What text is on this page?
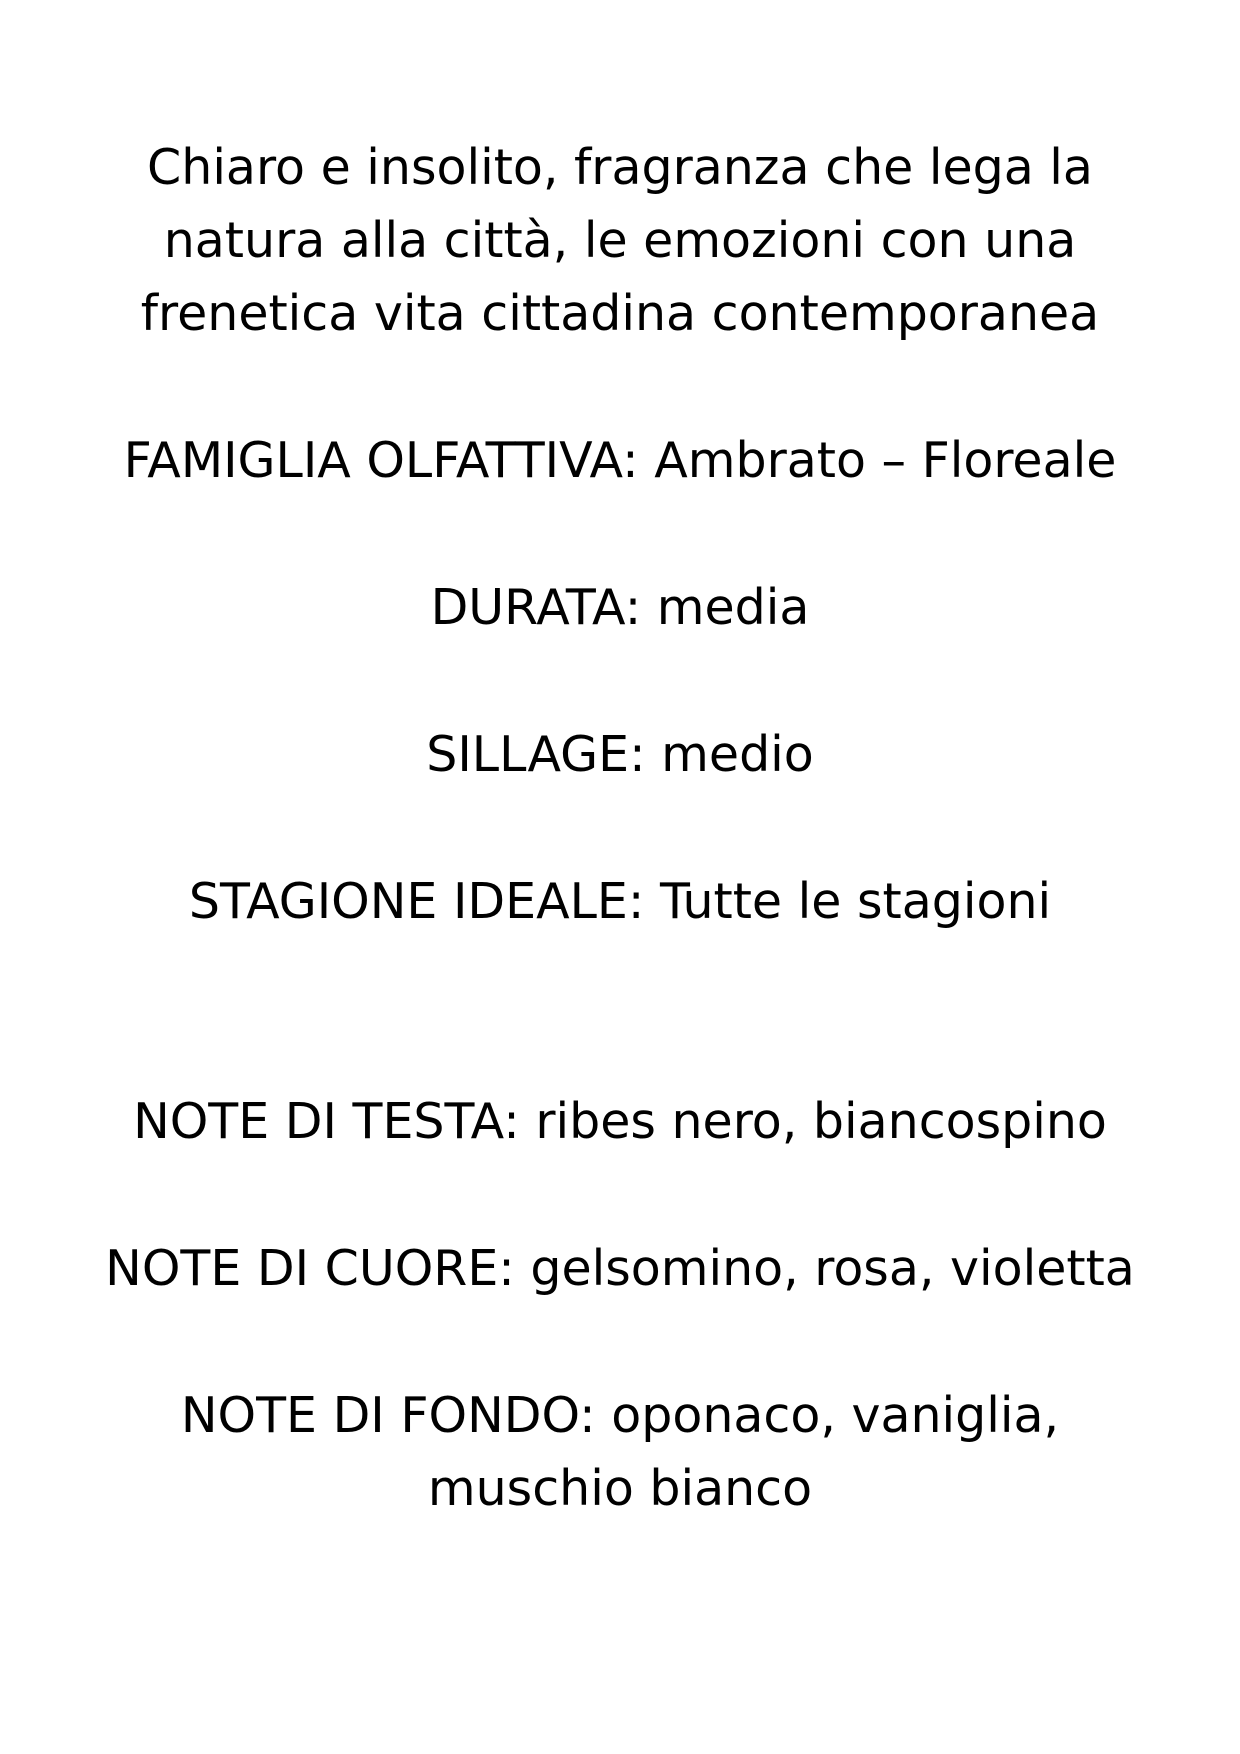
Chiaro e insolito, fragranza che lega la
natura alla città, le emozioni con una
frenetica vita cittadina contemporanea
FAMIGLIA OLFATTIVA: Ambrato – Floreale
DURATA: media
SILLAGE: medio
STAGIONE IDEALE: Tutte le stagioni
NOTE DI TESTA: ribes nero, biancospino
NOTE DI CUORE: gelsomino, rosa, violetta
NOTE DI FONDO: oponaco, vaniglia,
muschio bianco
